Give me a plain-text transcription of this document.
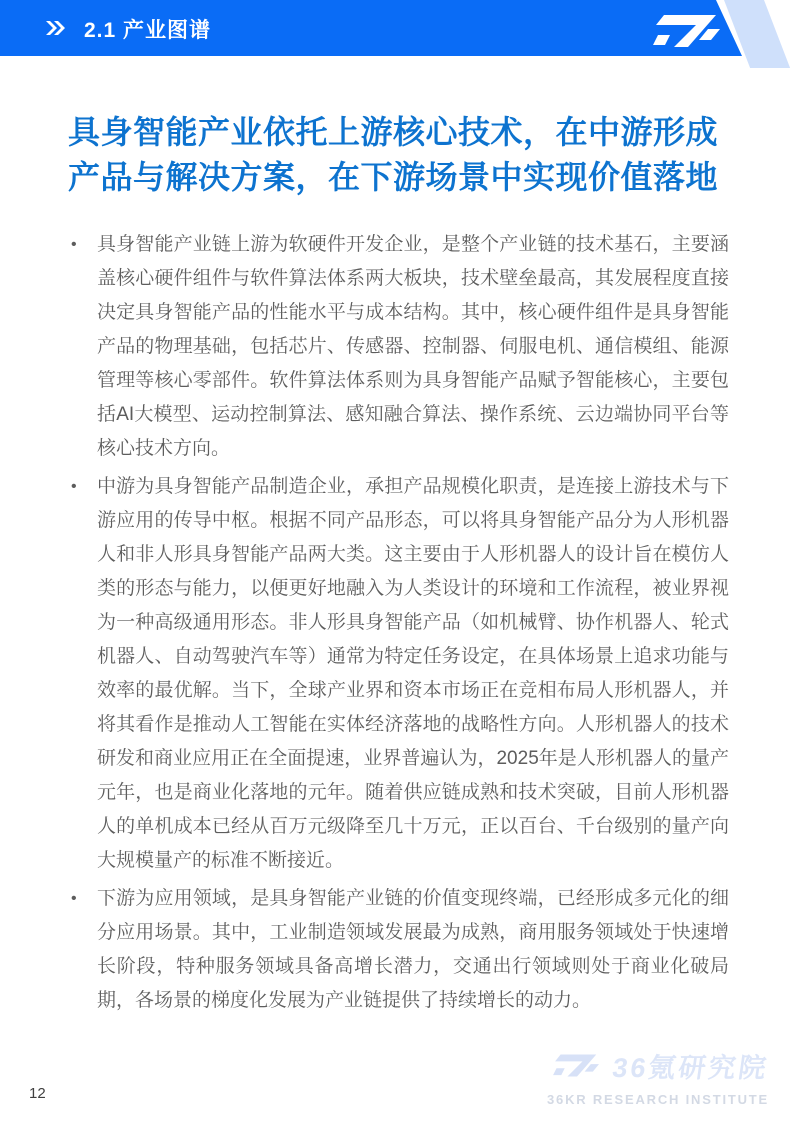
2.1 产业图谱
具身智能产业依托上游核心技术，在中游形成产品与解决方案，在下游场景中实现价值落地
• 具身智能产业链上游为软硬件开发企业，是整个产业链的技术基石，主要涵盖核心硬件组件与软件算法体系两大板块，技术壁垒最高，其发展程度直接决定具身智能产品的性能水平与成本结构。其中，核心硬件组件是具身智能产品的物理基础，包括芯片、传感器、控制器、伺服电机、通信模组、能源管理等核心零部件。软件算法体系则为具身智能产品赋予智能核心，主要包括AI大模型、运动控制算法、感知融合算法、操作系统、云边端协同平台等核心技术方向。
• 中游为具身智能产品制造企业，承担产品规模化职责，是连接上游技术与下游应用的传导中枢。根据不同产品形态，可以将具身智能产品分为人形机器人和非人形具身智能产品两大类。这主要由于人形机器人的设计旨在模仿人类的形态与能力，以便更好地融入为人类设计的环境和工作流程，被业界视为一种高级通用形态。非人形具身智能产品（如机械臂、协作机器人、轮式机器人、自动驾驶汽车等）通常为特定任务设定，在具体场景上追求功能与效率的最优解。当下，全球产业界和资本市场正在竞相布局人形机器人，并将其看作是推动人工智能在实体经济落地的战略性方向。人形机器人的技术研发和商业应用正在全面提速，业界普遍认为，2025年是人形机器人的量产元年，也是商业化落地的元年。随着供应链成熟和技术突破，目前人形机器人的单机成本已经从百万元级降至几十万元，正以百台、千台级别的量产向大规模量产的标准不断接近。
• 下游为应用领域，是具身智能产业链的价值变现终端，已经形成多元化的细分应用场景。其中，工业制造领域发展最为成熟，商用服务领域处于快速增长阶段，特种服务领域具备高增长潜力，交通出行领域则处于商业化破局期，各场景的梯度化发展为产业链提供了持续增长的动力。
12
36氪研究院
36KR RESEARCH INSTITUTE
